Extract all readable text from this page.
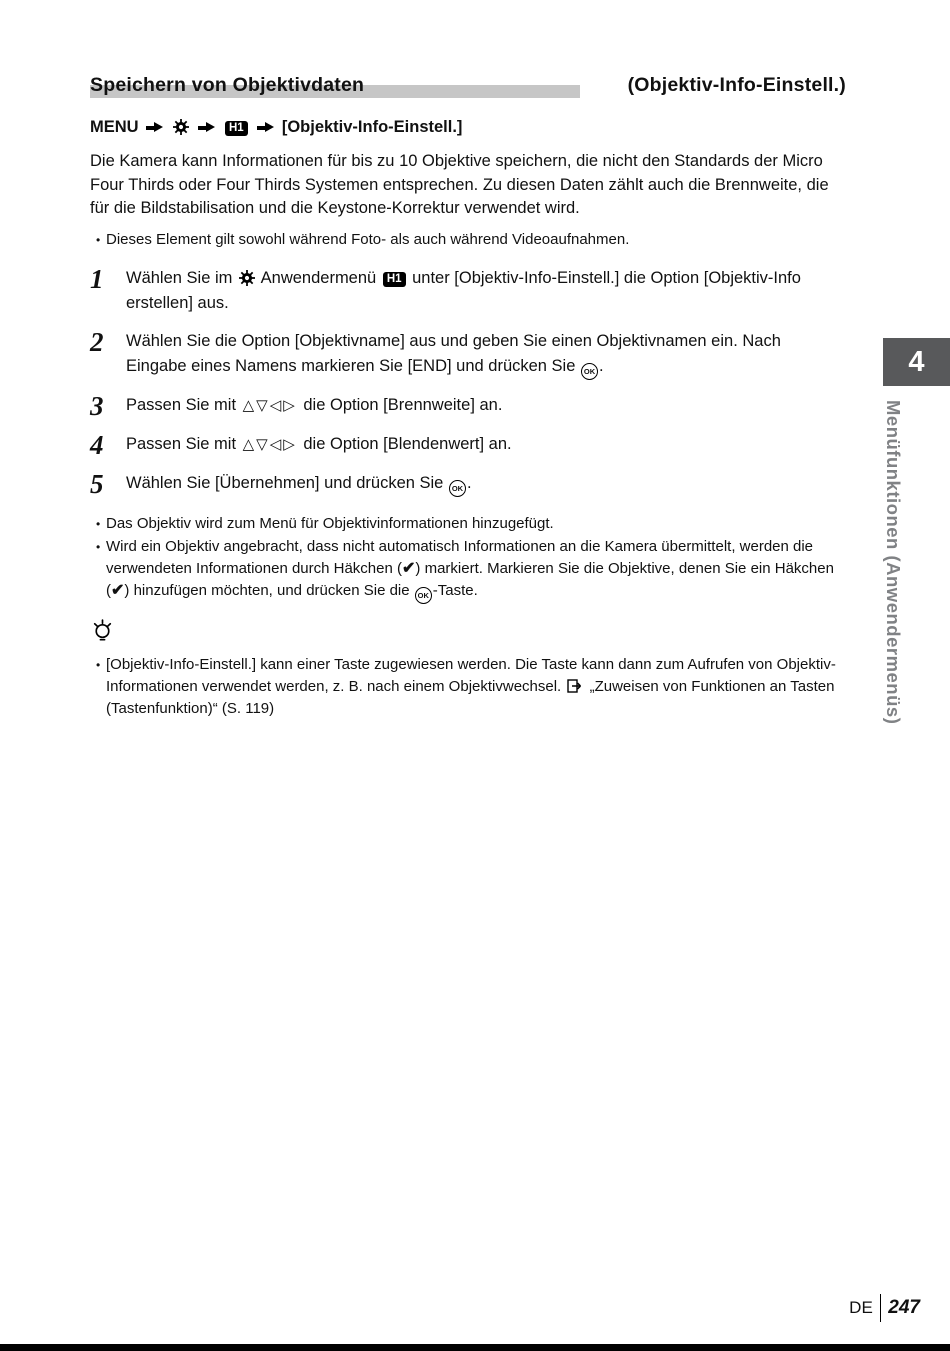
Speichern von Objektivdaten	(Objektiv-Info-Einstell.)
MENU	H1  [Objektiv-Info-Einstell.]

Die Kamera kann Informationen für bis zu 10 Objektive speichern, die nicht den Standards der Micro Four Thirds oder Four Thirds Systemen entsprechen. Zu diesen Daten zählt auch die Brennweite, die für die Bildstabilisation und die Keystone-Korrektur verwendet wird.

• Dieses Element gilt sowohl während Foto- als auch während Videoaufnahmen.
1	Wählen Sie im  Anwendermenü H1 unter [Objektiv-Info-Einstell.] die Option [Objektiv-Info erstellen] aus.
2	Wählen Sie die Option [Objektivname] aus und geben Sie einen Objektivnamen ein. Nach Eingabe eines Namens markieren Sie [END] und drücken Sie OK .
3	Passen Sie mit △▽◁▷ die Option [Brennweite] an.
4	Passen Sie mit △▽◁▷ die Option [Blendenwert] an.
5	Wählen Sie [Übernehmen] und drücken Sie OK .
• Das Objektiv wird zum Menü für Objektivinformationen hinzugefügt.
• Wird ein Objektiv angebracht, dass nicht automatisch Informationen an die Kamera übermittelt, werden die verwendeten Informationen durch Häkchen (✔) markiert. Markieren Sie die Objektive, denen Sie ein Häkchen (✔) hinzufügen möchten, und drücken Sie die OK -Taste.
• [Objektiv-Info-Einstell.] kann einer Taste zugewiesen werden. Die Taste kann dann zum Aufrufen von Objektiv-Informationen verwendet werden, z. B. nach einem Objektivwechsel.  „Zuweisen von Funktionen an Tasten (Tastenfunktion)“ (S. 119)
4
Menüfunktionen (Anwendermenüs)
DE 247
